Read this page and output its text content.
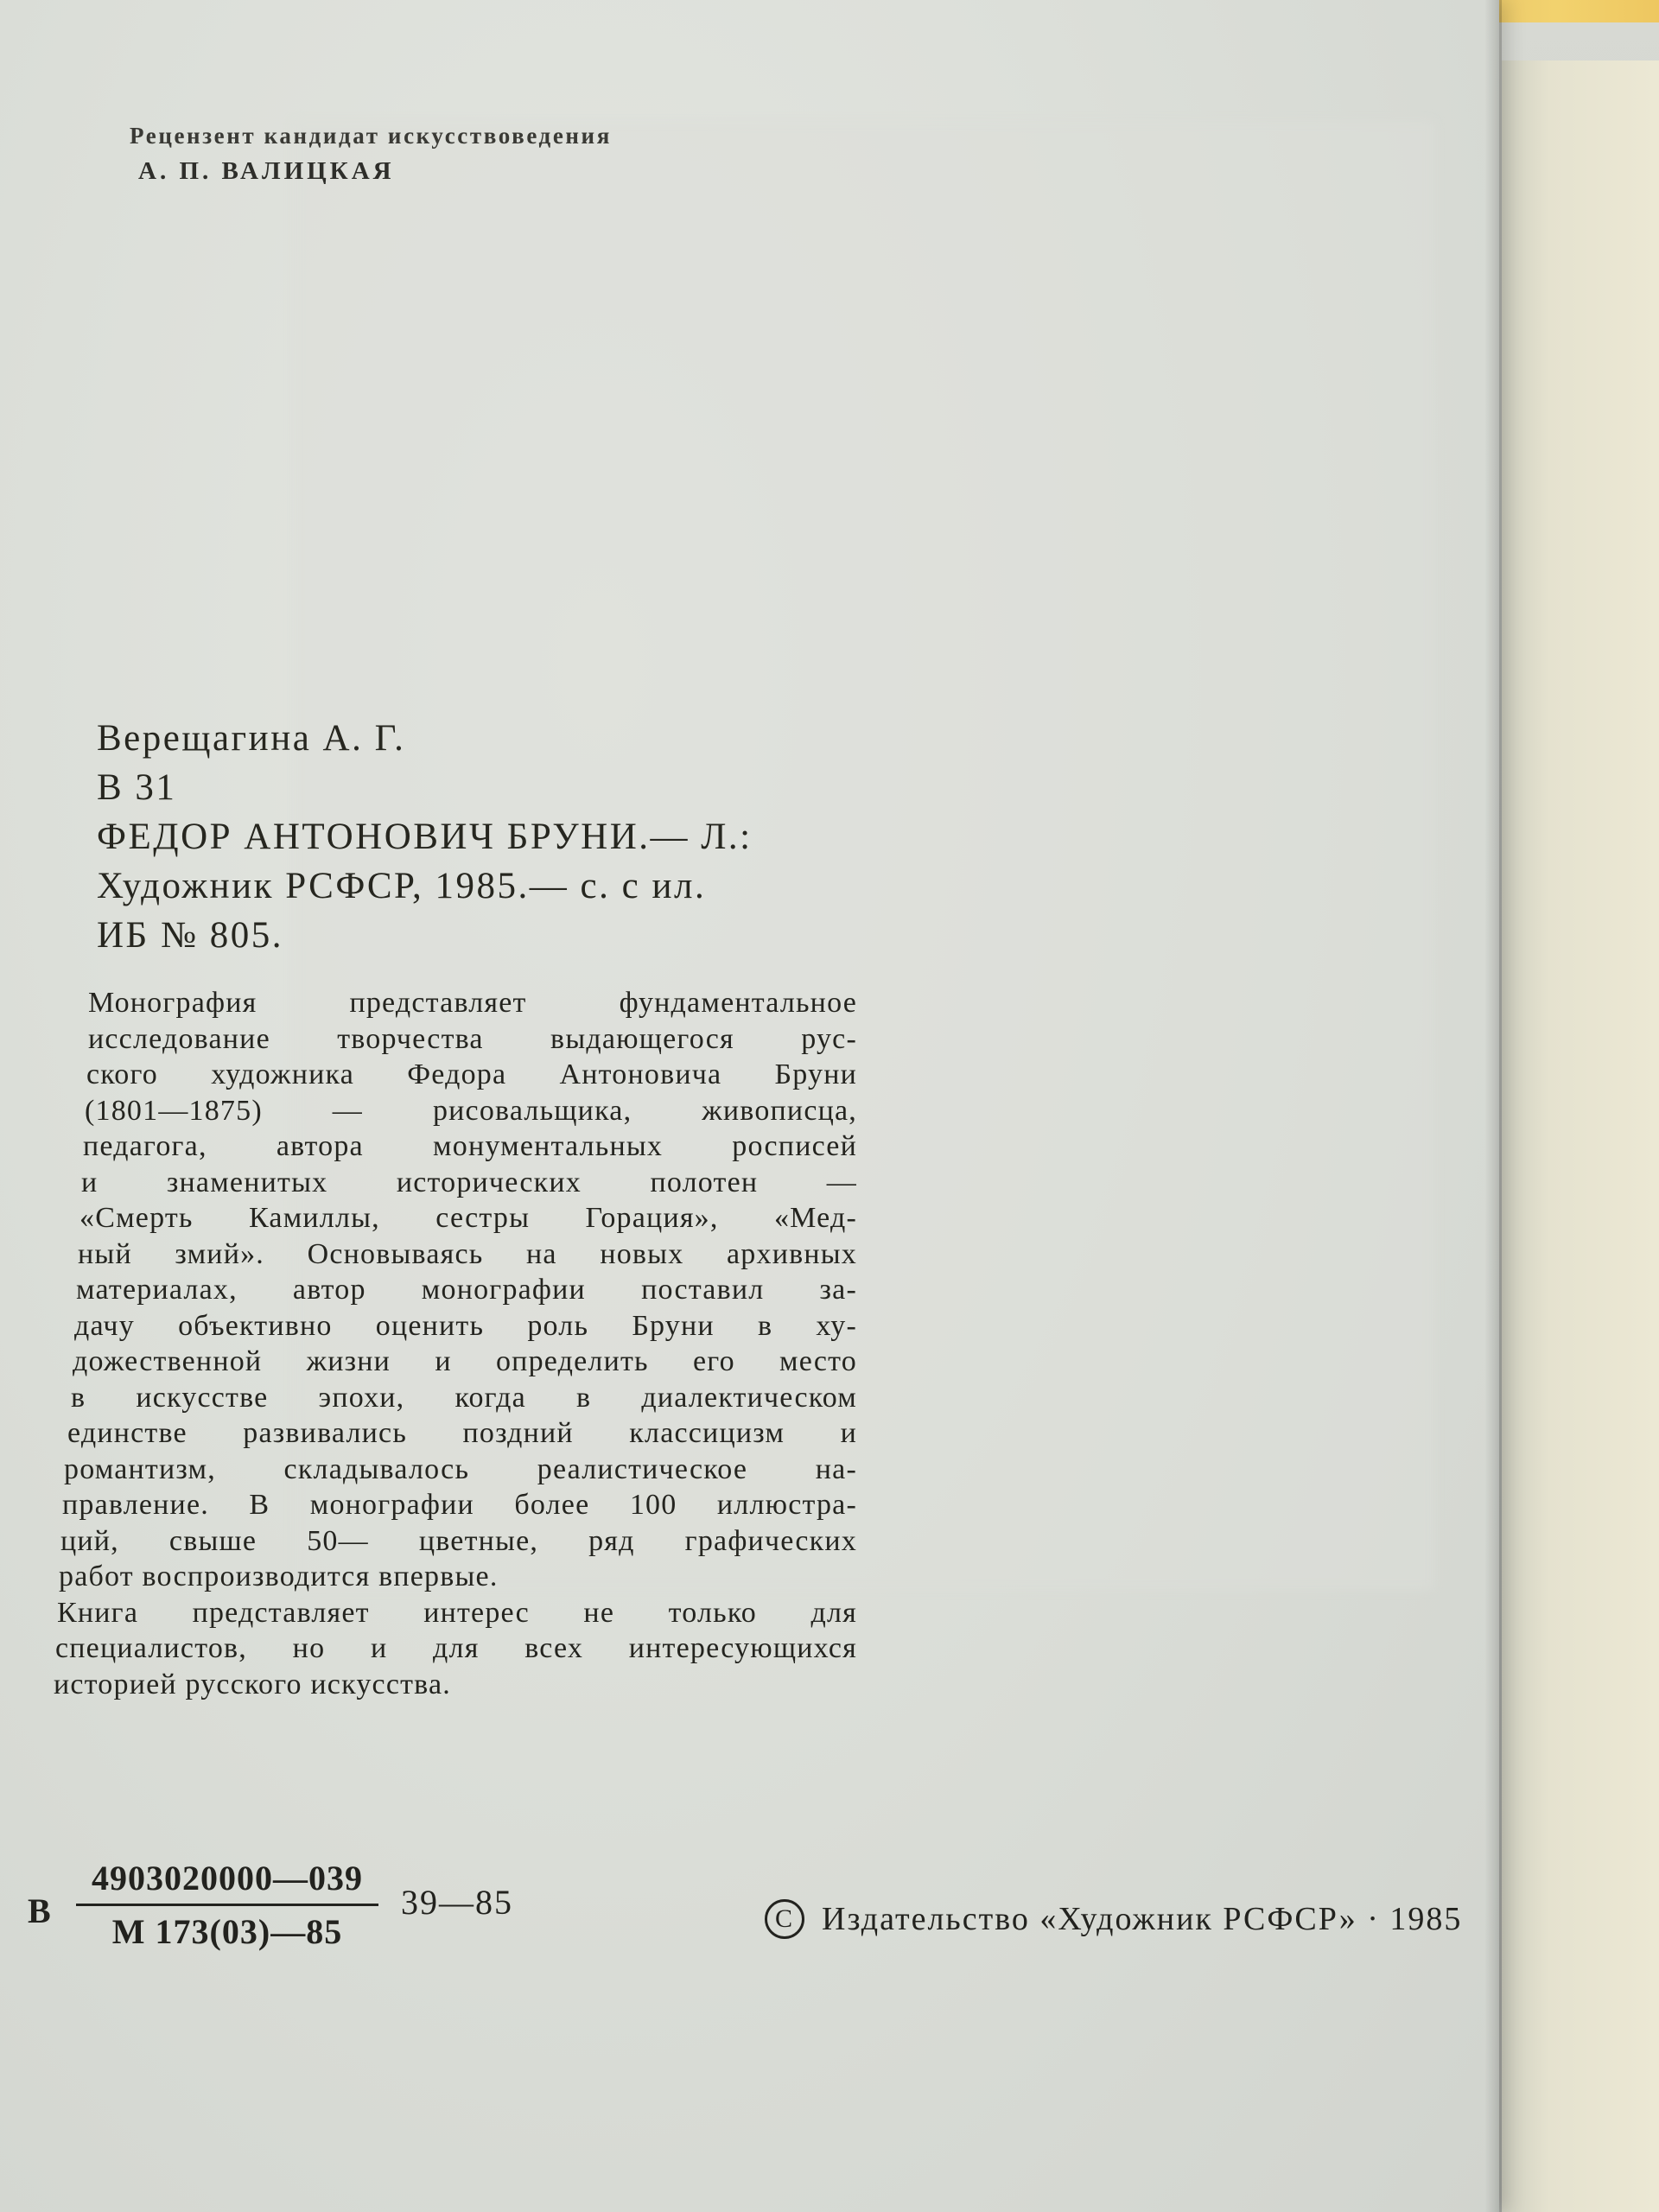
Рецензент кандидат искусствоведения
А. П. ВАЛИЦКАЯ
Верещагина А. Г.
В 31
ФЕДОР АНТОНОВИЧ БРУНИ.— Л.:
Художник РСФСР, 1985.— с. с ил.
ИБ № 805.
Монография представляет фундаментальное
исследование творчества выдающегося рус-
ского художника Федора Антоновича Бруни
(1801—1875) — рисовальщика, живописца,
педагога, автора монументальных росписей
и знаменитых исторических полотен —
«Смерть Камиллы, сестры Горация», «Мед-
ный змий». Основываясь на новых архивных
материалах, автор монографии поставил за-
дачу объективно оценить роль Бруни в ху-
дожественной жизни и определить его место
в искусстве эпохи, когда в диалектическом
единстве развивались поздний классицизм и
романтизм, складывалось реалистическое на-
правление. В монографии более 100 иллюстра-
ций, свыше 50— цветные, ряд графических
работ воспроизводится впервые.
Книга представляет интерес не только для
специалистов, но и для всех интересующихся
историей русского искусства.
В
4903020000—039
М 173(03)—85
39—85	C Издательство «Художник РСФСР» · 1985
